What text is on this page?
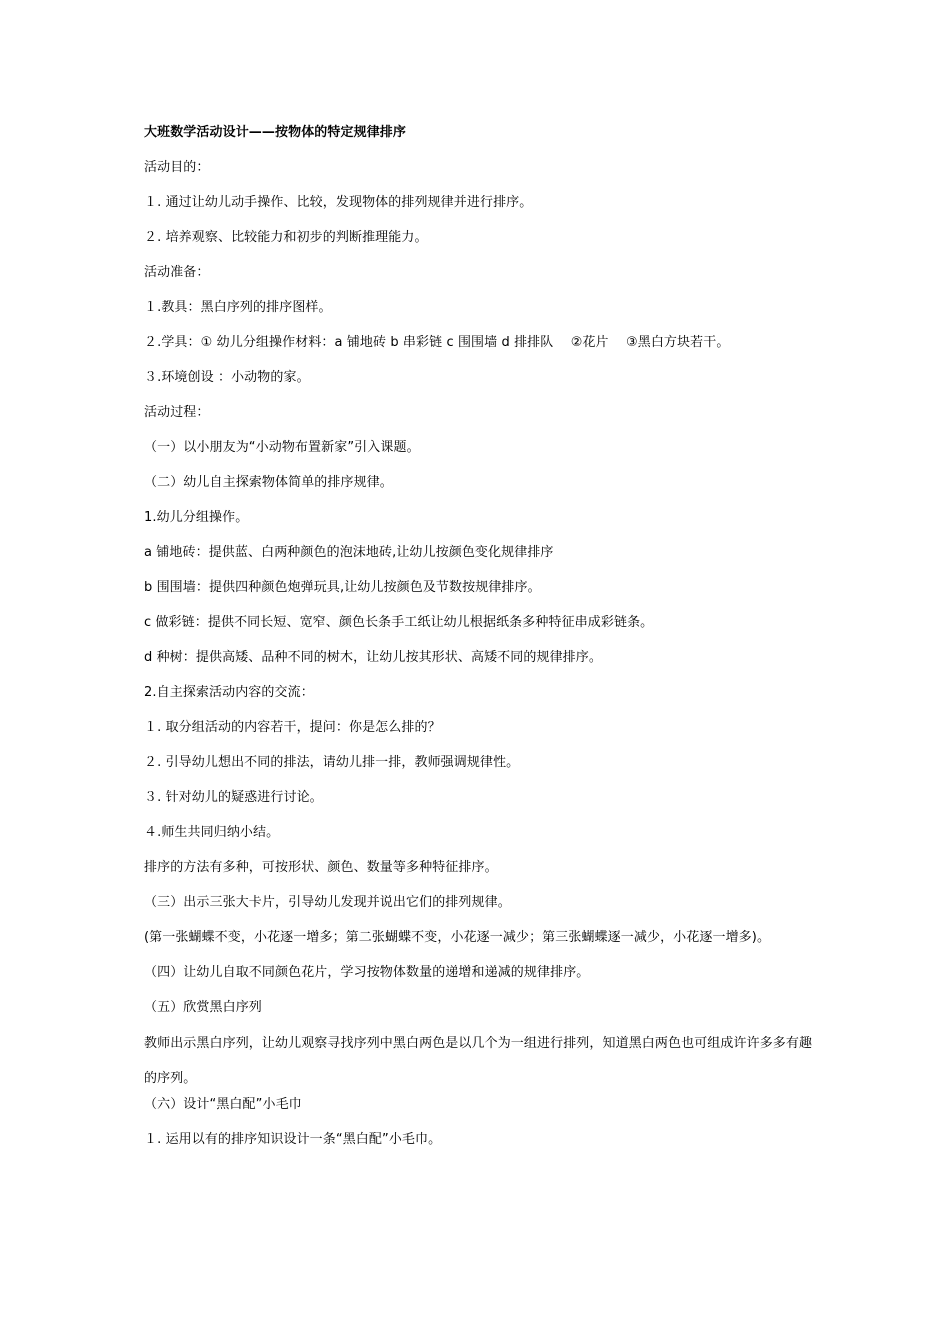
大班数学活动设计——按物体的特定规律排序
活动目的：
１. 通过让幼儿动手操作、比较，发现物体的排列规律并进行排序。
２. 培养观察、比较能力和初步的判断推理能力。
活动准备：
１.教具：黑白序列的排序图样。
２.学具：① 幼儿分组操作材料：a 铺地砖 b 串彩链 c 围围墙 d 排排队　 ②花片　 ③黑白方块若干。
３.环境创设 ：小动物的家。
活动过程：
（一）以小朋友为“小动物布置新家”引入课题。
（二）幼儿自主探索物体简单的排序规律。
1.幼儿分组操作。
a 铺地砖：提供蓝、白两种颜色的泡沫地砖,让幼儿按颜色变化规律排序
b 围围墙：提供四种颜色炮弹玩具,让幼儿按颜色及节数按规律排序。
c 做彩链：提供不同长短、宽窄、颜色长条手工纸让幼儿根据纸条多种特征串成彩链条。
d 种树：提供高矮、品种不同的树木，让幼儿按其形状、高矮不同的规律排序。
2.自主探索活动内容的交流：
１. 取分组活动的内容若干，提问：你是怎么排的？
２. 引导幼儿想出不同的排法，请幼儿排一排，教师强调规律性。
３. 针对幼儿的疑惑进行讨论。
４.师生共同归纳小结。
排序的方法有多种，可按形状、颜色、数量等多种特征排序。
（三）出示三张大卡片，引导幼儿发现并说出它们的排列规律。
(第一张蝴蝶不变，小花逐一增多；第二张蝴蝶不变，小花逐一减少；第三张蝴蝶逐一减少，小花逐一增多)。
（四）让幼儿自取不同颜色花片，学习按物体数量的递增和递减的规律排序。
（五）欣赏黑白序列
教师出示黑白序列，让幼儿观察寻找序列中黑白两色是以几个为一组进行排列，知道黑白两色也可组成许许多多有趣的序列。
（六）设计“黑白配”小毛巾
１. 运用以有的排序知识设计一条“黑白配”小毛巾。
